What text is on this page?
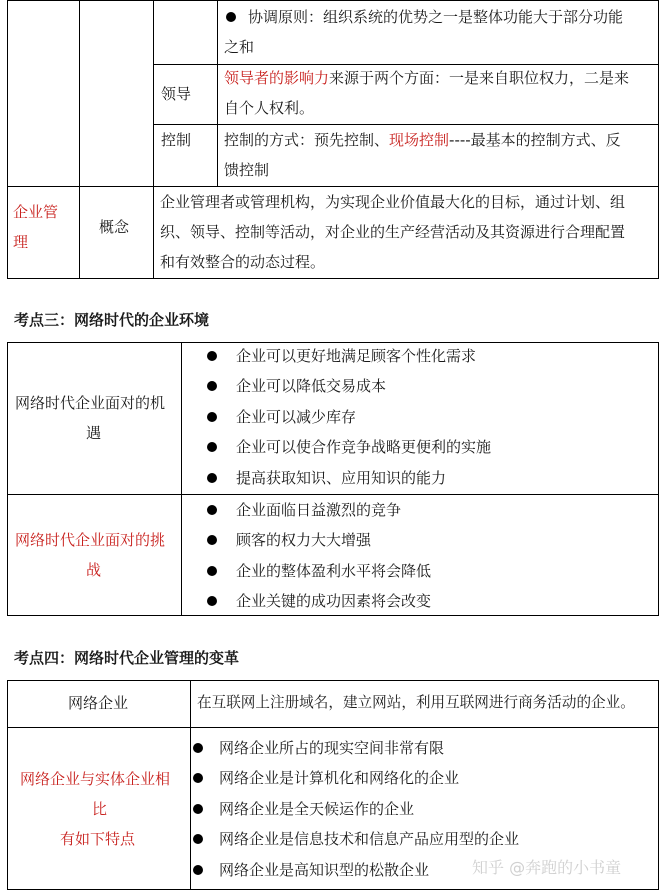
协调原则：组织系统的优势之一是整体功能大于部分功能
之和
领导
领导者的影响力来源于两个方面：一是来自职位权力，二是来
自个人权利。
控制 控制的方式：预先控制、现场控制----最基本的控制方式、反
馈控制
企业管
理
概念
企业管理者或管理机构，为实现企业价值最大化的目标，通过计划、组
织、领导、控制等活动，对企业的生产经营活动及其资源进行合理配置
和有效整合的动态过程。
考点三：网络时代的企业环境
网络时代企业面对的机
遇
企业可以更好地满足顾客个性化需求
企业可以降低交易成本
企业可以减少库存
企业可以使合作竞争战略更便利的实施
提高获取知识、应用知识的能力
网络时代企业面对的挑
战
企业面临日益激烈的竞争
顾客的权力大大增强
企业的整体盈利水平将会降低
企业关键的成功因素将会改变
考点四：网络时代企业管理的变革
网络企业	在互联网上注册域名，建立网站，利用互联网进行商务活动的企业。
网络企业与实体企业相
比
有如下特点
网络企业所占的现实空间非常有限
网络企业是计算机化和网络化的企业
网络企业是全天候运作的企业
网络企业是信息技术和信息产品应用型的企业
网络企业是高知识型的松散企业	知乎 @奔跑的小书童
